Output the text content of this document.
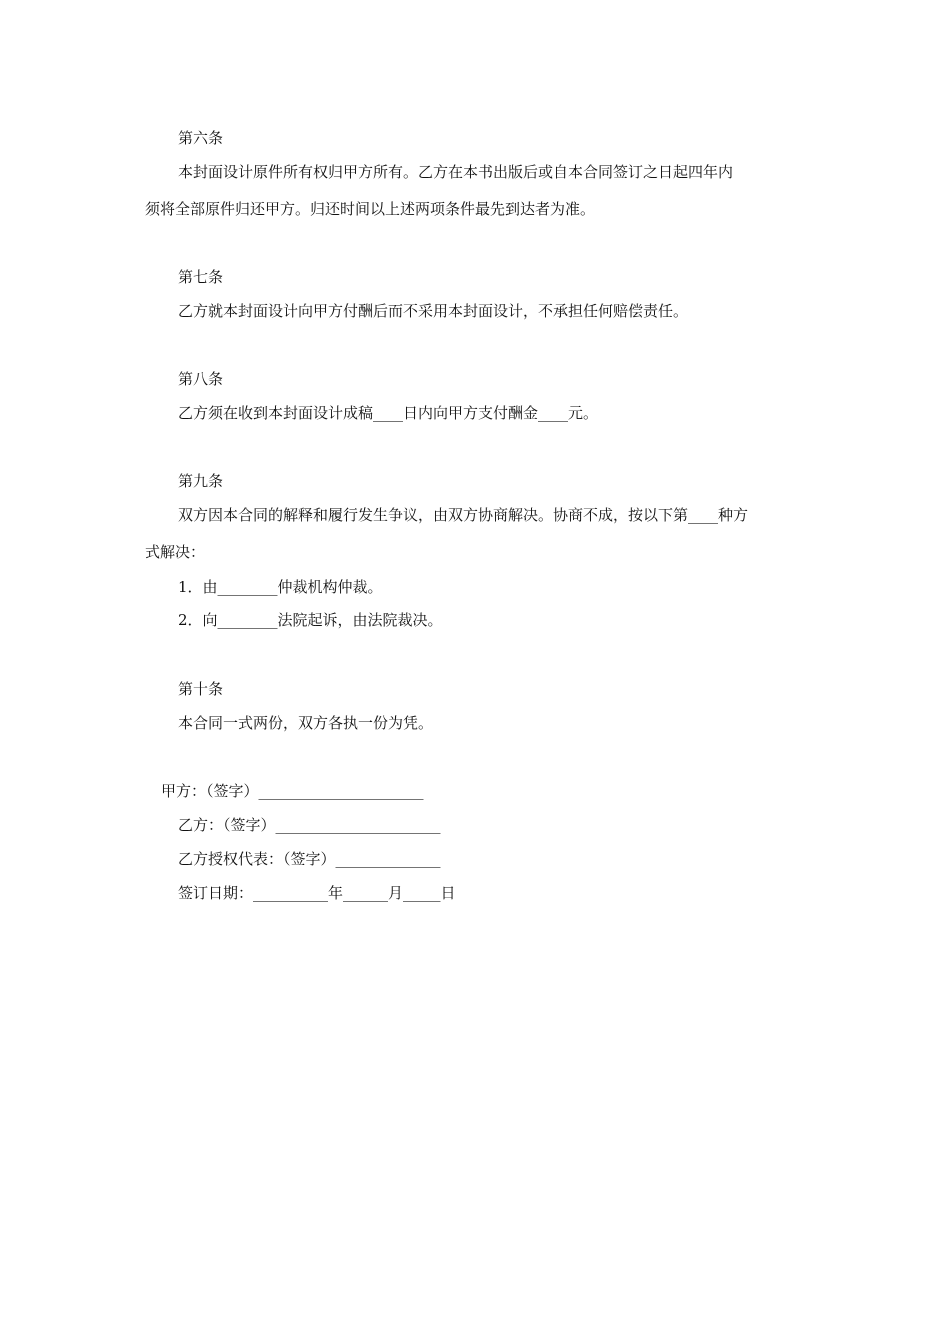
第六条
本封面设计原件所有权归甲方所有。乙方在本书出版后或自本合同签订之日起四年内
须将全部原件归还甲方。归还时间以上述两项条件最先到达者为准。
第七条
乙方就本封面设计向甲方付酬后而不采用本封面设计，不承担任何赔偿责任。
第八条
乙方须在收到本封面设计成稿____日内向甲方支付酬金____元。
第九条
双方因本合同的解释和履行发生争议，由双方协商解决。协商不成，按以下第____种方
式解决：
1．由________仲裁机构仲裁。
2．向________法院起诉，由法院裁决。
第十条
本合同一式两份，双方各执一份为凭。
甲方：（签字）______________________
乙方：（签字）______________________
乙方授权代表：（签字）______________
签订日期：__________年______月_____日
